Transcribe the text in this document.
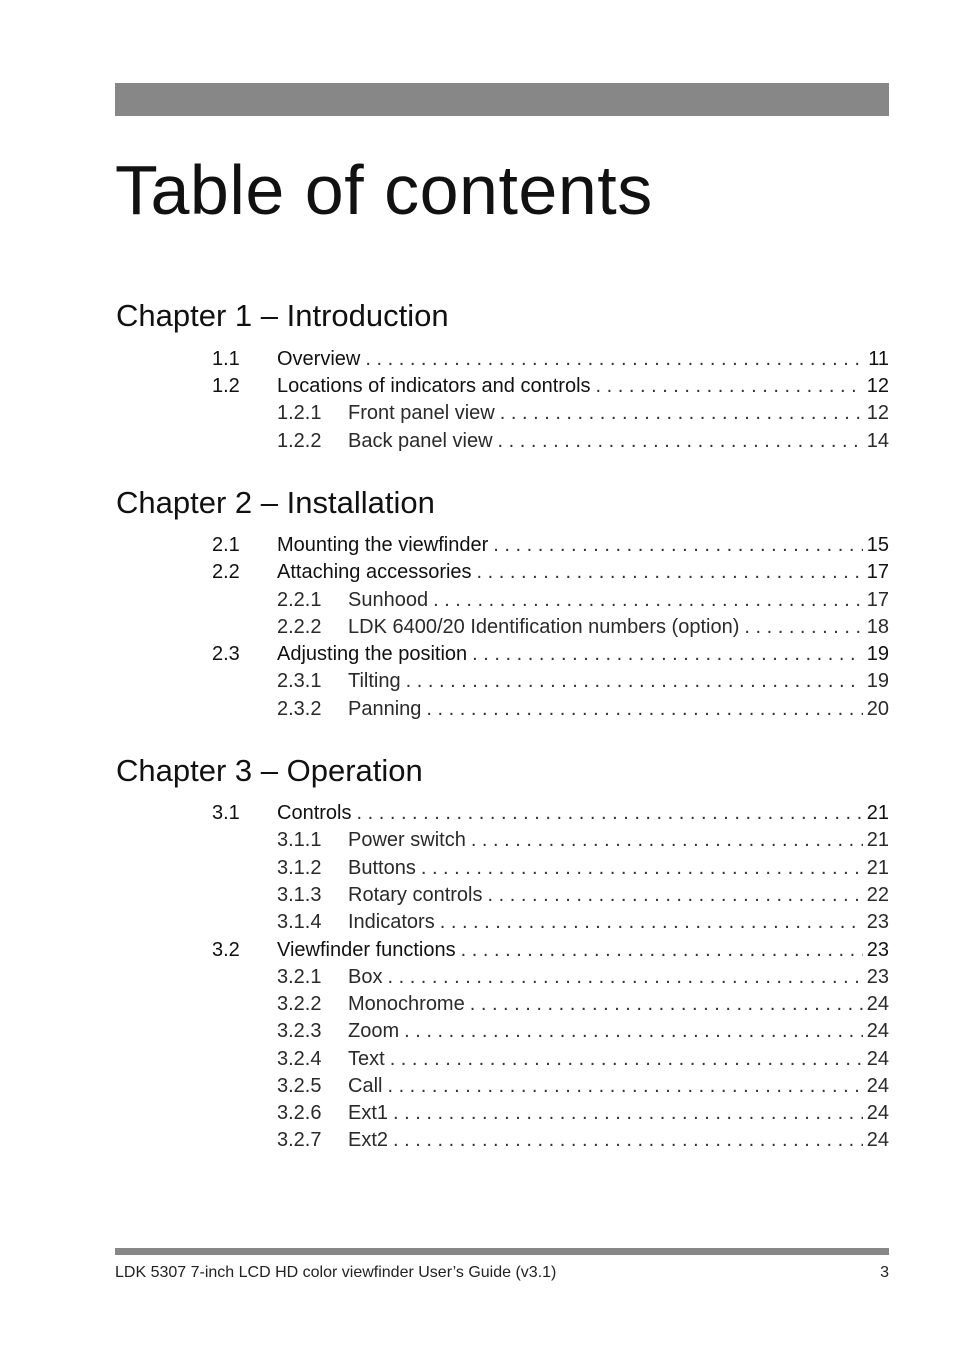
Table of contents
Chapter 1 – Introduction
1.1	Overview . . .	11
1.2	Locations of indicators and controls . . .	12
1.2.1	Front panel view . . .	12
1.2.2	Back panel view . . .	14
Chapter 2 – Installation
2.1	Mounting the viewfinder . . .	15
2.2	Attaching accessories . . .	17
2.2.1	Sunhood . . .	17
2.2.2	LDK 6400/20 Identification numbers (option) . . .	18
2.3	Adjusting the position . . .	19
2.3.1	Tilting . . .	19
2.3.2	Panning . . .	20
Chapter 3 – Operation
3.1	Controls . . .	21
3.1.1	Power switch . . .	21
3.1.2	Buttons . . .	21
3.1.3	Rotary controls . . .	22
3.1.4	Indicators . . .	23
3.2	Viewfinder functions . . .	23
3.2.1	Box . . .	23
3.2.2	Monochrome . . .	24
3.2.3	Zoom . . .	24
3.2.4	Text . . .	24
3.2.5	Call . . .	24
3.2.6	Ext1 . . .	24
3.2.7	Ext2 . . .	24
LDK 5307 7-inch LCD HD color viewfinder User’s Guide (v3.1)	3
